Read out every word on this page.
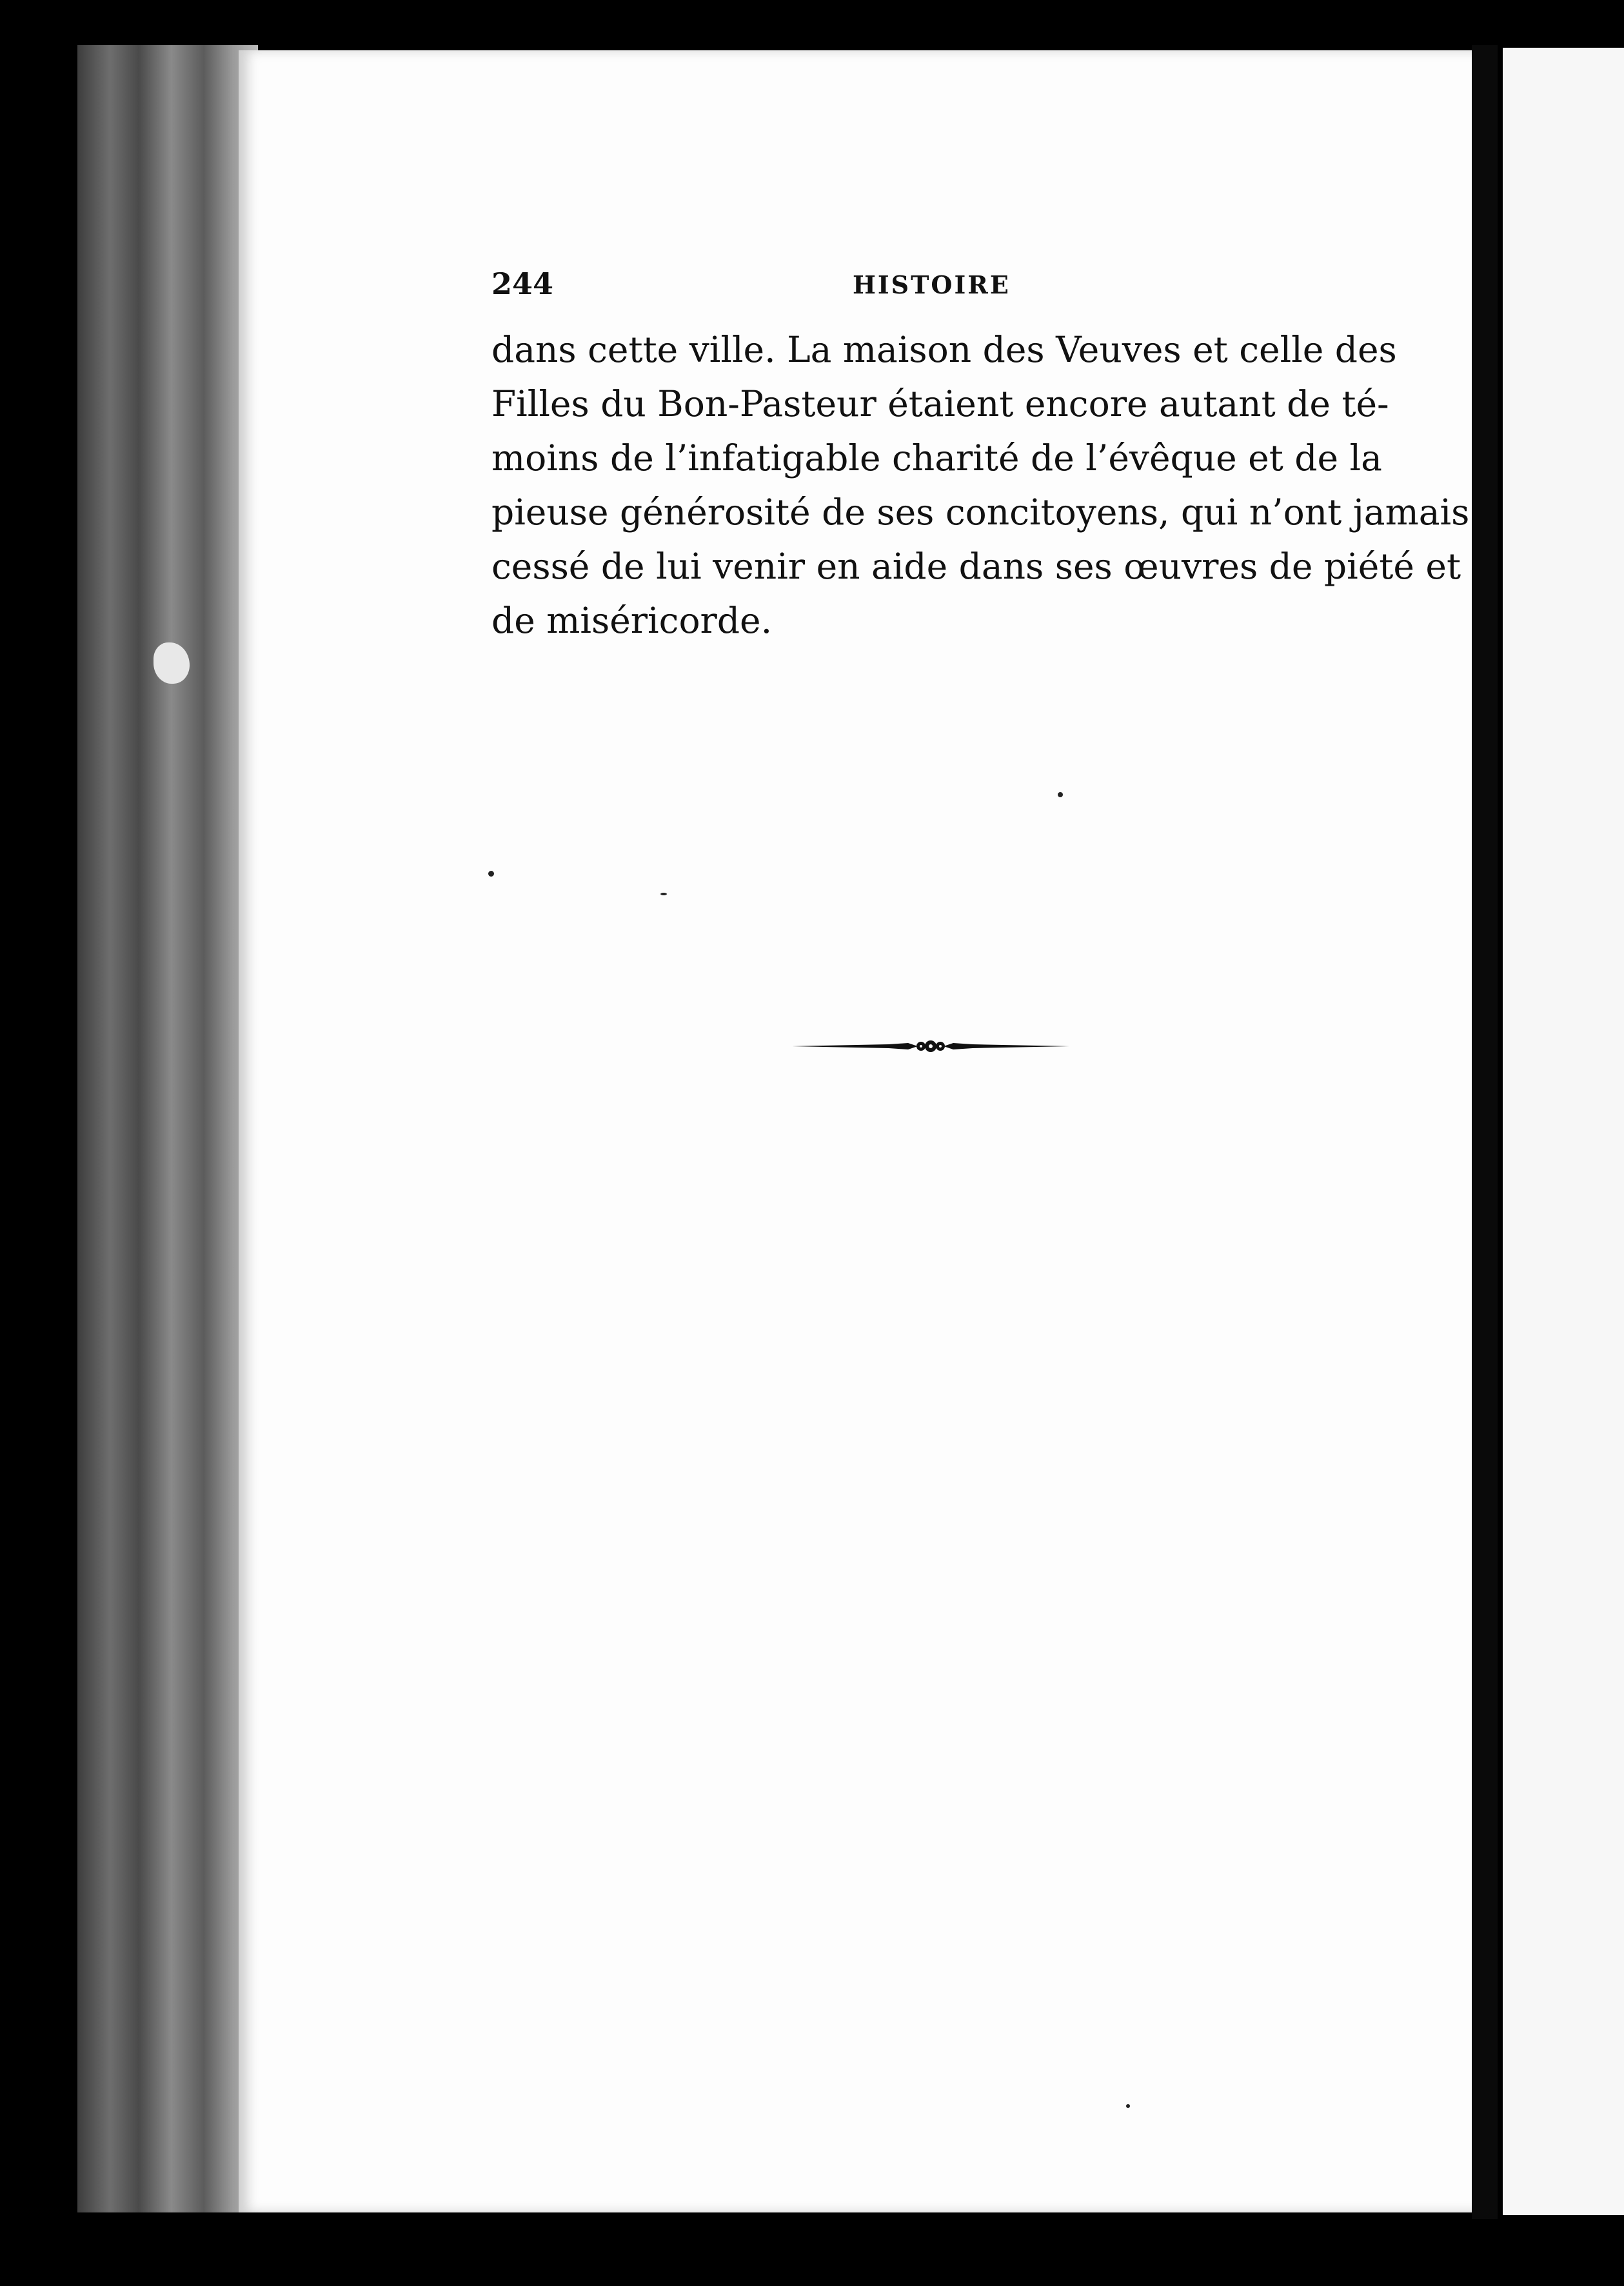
244	HISTOIRE
dans cette ville. La maison des Veuves et celle des
Filles du Bon-Pasteur étaient encore autant de té-
moins de l’infatigable charité de l’évêque et de la
pieuse générosité de ses concitoyens, qui n’ont jamais
cessé de lui venir en aide dans ses œuvres de piété et
de miséricorde.
